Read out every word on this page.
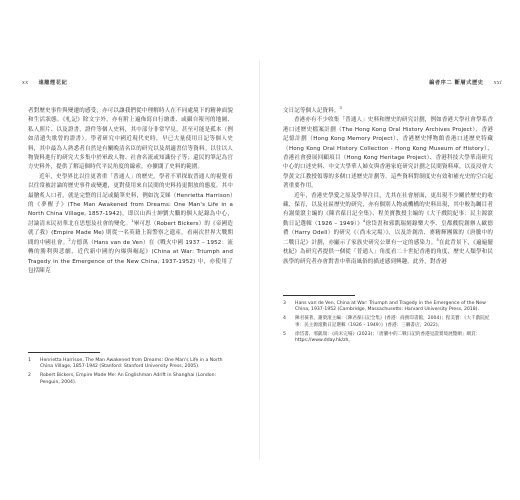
xx 遠離煙花紀

者對歷史事件與變遷的感受，亦可以讓我們從中理解時人在不同處境下的精神面貌和生活狀態。《札記》除文字外，亦有附上遍佈寫自行繪畫、或攝自報刊的地圖、私人照片、以及證書，證件等個人史料，其中部分非常罕見，甚至可能是孤本（例如清遺失歌曾的證書）。學者研究中國近現代史時，早已大量使用日記等個人史料，其中最為人熟悉者自然是有關晚清名臣的研究以及胡適書信等資料。以往以人物資料進行的研究大多集中於軍政人物、社會名流或知識份子等；還民的筆記為官方史料外，提供了解這個時代平民角度的線索，亦擴闊了史料的範圍。

近年，史學界比以往更著重「普通人」的歷史，學者不單探取普通人的視覺看以往常被討論的歷史事件或變遷，更對使用來自民間的史料持更開放的態度。其中最膾炙人口者，就是完整的日記或隨筆史料，例如沈艾娣（Henrietta Harrison）的《夢醒子》(The Man Awakened from Dreams: One Man's Life in a North China Village, 1857-1942)，即以山西士紳劉大鵬的個人紀錄為中心，討論清末民初華北在思想及社會的變化。$^1$畢可思（Robert Bickers）的《帝國造就了我》(Empire Made Me) 則從一名英籍上海警察之遺產，看兩次世界大戰期間的中國社會。$^2$方德萬（Hans van de Ven）在《戰火中國 1937 – 1952：流轉的勝利與悲劇，近代新中國的內爆與崛起》(China at War: Triumph and Tragedy in the Emergence of the New China, 1937-1952) 中，亦使用了包括陳克

1	Henrietta Harrison, The Man Awakened from Dreams: One Man's Life in a North China Village, 1857-1942 (Stanford: Stanford University Press, 2005).
2	Robert Bickers, Empire Made Me: An Englishman Adrift in Shanghai (London: Penguin, 2004).
編者序二 斷層式歷史 xxi

文日記等個人記資料。$^3$

香港亦有不少收集「普通人」史料和歷史的研究計劃，例如香港大學社會學系香港口述歷史檔案計劃（The Hong Kong Oral History Archives Project）、香港記憶計劃（Hong Kong Memory Project）、香港歷史博物館香港口述歷史特藏（Hong Kong Oral History Collection - Hong Kong Museum of History）、香港社會發展回顧項目（Hong Kong Heritage Project）、香港科技大學華南研究中心的口述史料、中文大學華人婦女與香港家庭研究計劃之民間資料庫，以及浸會大學黃文江教授領導的多個口述歷史計劃等。這些資料對制度史有效和補充史的空白起著重要作用。

近年，香港史學愛之原及學界注目，尤其在社會層面，更出現不少關於歷史的收藏、保育，以及社區歷史的研究，亦有個別人物或機構的史料出現，其中較為矚目者有謝榮滾主編的《陳君葆日記全集》、程美寶教授主編的《大千戲院紀事：民主源滾動日記選輯（1926 – 1949）》$^4$徐岱書和邪凱瑞刻錄樂大李、皇都戲院創辦人歐德禮（Harry Odell）的研究《〈尚未完場〉》，以及許創浩、麥精輝團隊的《唐騰中的二戰日記》計劃，亦顯示了家族史研究公眾有一定的感染力。$^5$在此背景下，《遍遍擺枕紀》為研究者提供一個從「普通人」角度看二十世紀香港的角度，歷史人類學和民族學的研究者亦會對書中華南風俗的描述感到興趣。此外，對香港

3	Hans van de Ven, China at War: Triumph and Tragedy in the Emergence of the New China, 1937-1952 (Cambridge, Massachusetts: Harvard University Press, 2018).
4	陳君葆著、謝榮滾主編：《陳君葆日記全集》(香港：商務印書館，2004)；程美寶：《大千戲院紀事：民主源滾動日記選輯（1926 – 1949）》(香港：三聯書店，2022)。
5	徐岱書、邪凱瑞：《尚未完場》(2023)；「唐騰中的二戰日記的香港見證實境展覽網」網頁：https://www.dday.hk/zh。
